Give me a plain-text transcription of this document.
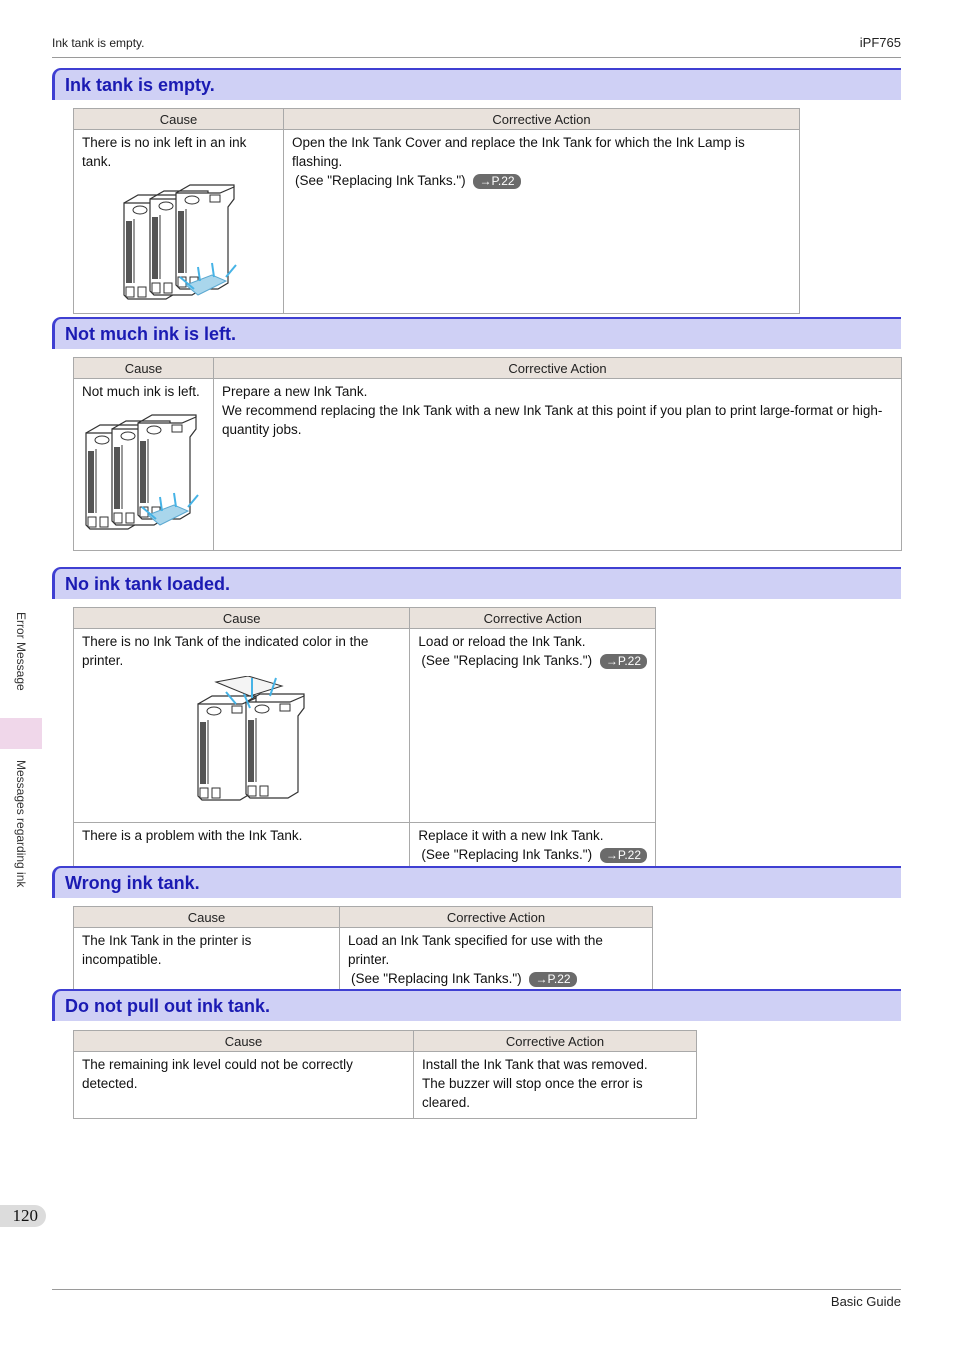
Ink tank is empty.	iPF765
Ink tank is empty.
Cause	Corrective Action

There is no ink left in an ink tank.	Open the Ink Tank Cover and replace the Ink Tank for which the Ink Lamp is flashing.
(See "Replacing Ink Tanks.") →P.22
Not much ink is left.
Cause	Corrective Action

Not much ink is left.	Prepare a new Ink Tank.
We recommend replacing the Ink Tank with a new Ink Tank at this point if you plan to print large-format or high-quantity jobs.
No ink tank loaded.
Cause	Corrective Action

There is no Ink Tank of the indicated color in the printer.	Load or reload the Ink Tank.
(See "Replacing Ink Tanks.") →P.22

There is a problem with the Ink Tank.	Replace it with a new Ink Tank.
(See "Replacing Ink Tanks.") →P.22
Wrong ink tank.
Cause	Corrective Action

The Ink Tank in the printer is incompatible.	Load an Ink Tank specified for use with the printer.
(See "Replacing Ink Tanks.") →P.22
Do not pull out ink tank.
Cause	Corrective Action

The remaining ink level could not be correctly detected.	Install the Ink Tank that was removed.
The buzzer will stop once the error is cleared.
Error Message
Messages regarding ink
120
Basic Guide
